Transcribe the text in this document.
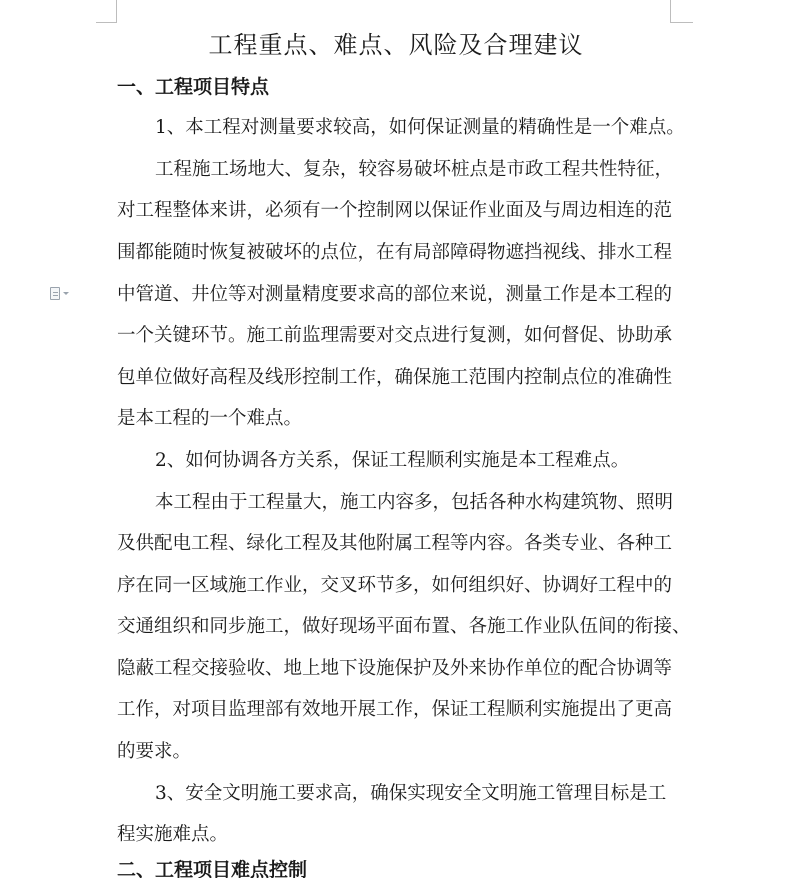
工程重点、难点、风险及合理建议
一、工程项目特点
1、本工程对测量要求较高，如何保证测量的精确性是一个难点。
工程施工场地大、复杂，较容易破坏桩点是市政工程共性特征，
对工程整体来讲，必须有一个控制网以保证作业面及与周边相连的范
围都能随时恢复被破坏的点位，在有局部障碍物遮挡视线、排水工程
中管道、井位等对测量精度要求高的部位来说，测量工作是本工程的
一个关键环节。施工前监理需要对交点进行复测，如何督促、协助承
包单位做好高程及线形控制工作，确保施工范围内控制点位的准确性
是本工程的一个难点。
2、如何协调各方关系，保证工程顺利实施是本工程难点。
本工程由于工程量大，施工内容多，包括各种水构建筑物、照明
及供配电工程、绿化工程及其他附属工程等内容。各类专业、各种工
序在同一区域施工作业，交叉环节多，如何组织好、协调好工程中的
交通组织和同步施工，做好现场平面布置、各施工作业队伍间的衔接、
隐蔽工程交接验收、地上地下设施保护及外来协作单位的配合协调等
工作，对项目监理部有效地开展工作，保证工程顺利实施提出了更高
的要求。
3、安全文明施工要求高，确保实现安全文明施工管理目标是工
程实施难点。
二、工程项目难点控制
